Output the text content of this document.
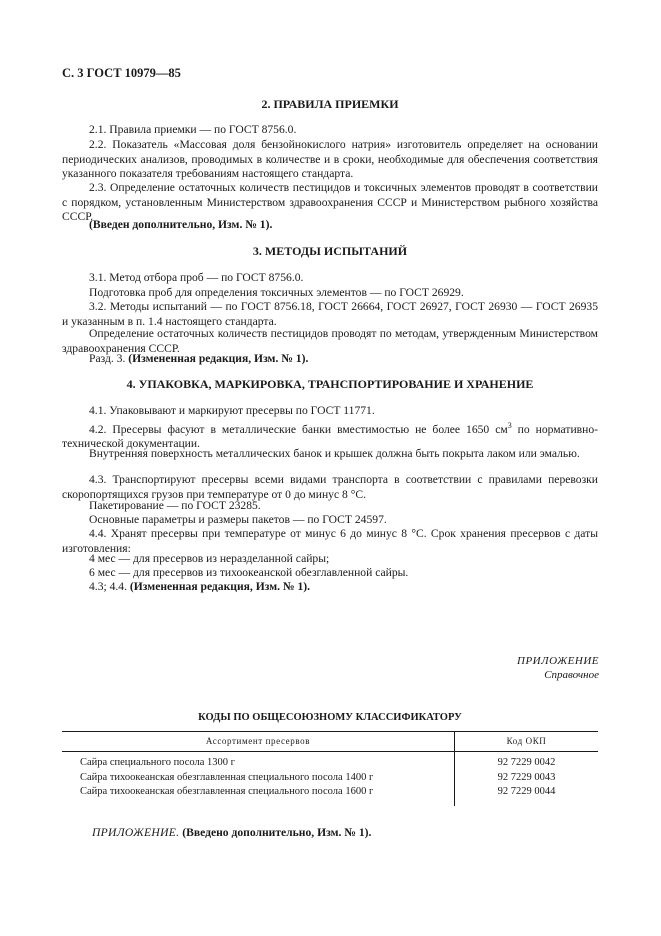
С. 3 ГОСТ 10979—85
2. ПРАВИЛА ПРИЕМКИ

2.1. Правила приемки — по ГОСТ 8756.0.

2.2. Показатель «Массовая доля бензойнокислого натрия» изготовитель определяет на основании периодических анализов, проводимых в количестве и в сроки, необходимые для обеспечения соответствия указанного показателя требованиям настоящего стандарта.

2.3. Определение остаточных количеств пестицидов и токсичных элементов проводят в соответствии с порядком, установленным Министерством здравоохранения СССР и Министерством рыбного хозяйства СССР.

(Введен дополнительно, Изм. № 1).

3. МЕТОДЫ ИСПЫТАНИЙ

3.1. Метод отбора проб — по ГОСТ 8756.0.

Подготовка проб для определения токсичных элементов — по ГОСТ 26929.

3.2. Методы испытаний — по ГОСТ 8756.18, ГОСТ 26664, ГОСТ 26927, ГОСТ 26930 — ГОСТ 26935 и указанным в п. 1.4 настоящего стандарта.

Определение остаточных количеств пестицидов проводят по методам, утвержденным Министерством здравоохранения СССР.

Разд. 3. (Измененная редакция, Изм. № 1).

4. УПАКОВКА, МАРКИРОВКА, ТРАНСПОРТИРОВАНИЕ И ХРАНЕНИЕ

4.1. Упаковывают и маркируют пресервы по ГОСТ 11771.

4.2. Пресервы фасуют в металлические банки вместимостью не более 1650 $см^3$ по нормативно-технической документации.

Внутренняя поверхность металлических банок и крышек должна быть покрыта лаком или эмалью.

4.3. Транспортируют пресервы всеми видами транспорта в соответствии с правилами перевозки скоропортящихся грузов при температуре от 0 до минус 8 °С.

Пакетирование — по ГОСТ 23285.

Основные параметры и размеры пакетов — по ГОСТ 24597.

4.4. Хранят пресервы при температуре от минус 6 до минус 8 °С. Срок хранения пресервов с даты изготовления:

4 мес — для пресервов из неразделанной сайры;

6 мес — для пресервов из тихоокеанской обезглавленной сайры.

4.3; 4.4. (Измененная редакция, Изм. № 1).

ПРИЛОЖЕНИЕ
Справочное
КОДЫ ПО ОБЩЕСОЮЗНОМУ КЛАССИФИКАТОРУ
Ассортимент пресервов	Код ОКП
Сайра специального посола 1300 г	92 7229 0042
Сайра тихоокеанская обезглавленная специального посола 1400 г	92 7229 0043
Сайра тихоокеанская обезглавленная специального посола 1600 г	92 7229 0044
ПРИЛОЖЕНИЕ. (Введено дополнительно, Изм. № 1).
